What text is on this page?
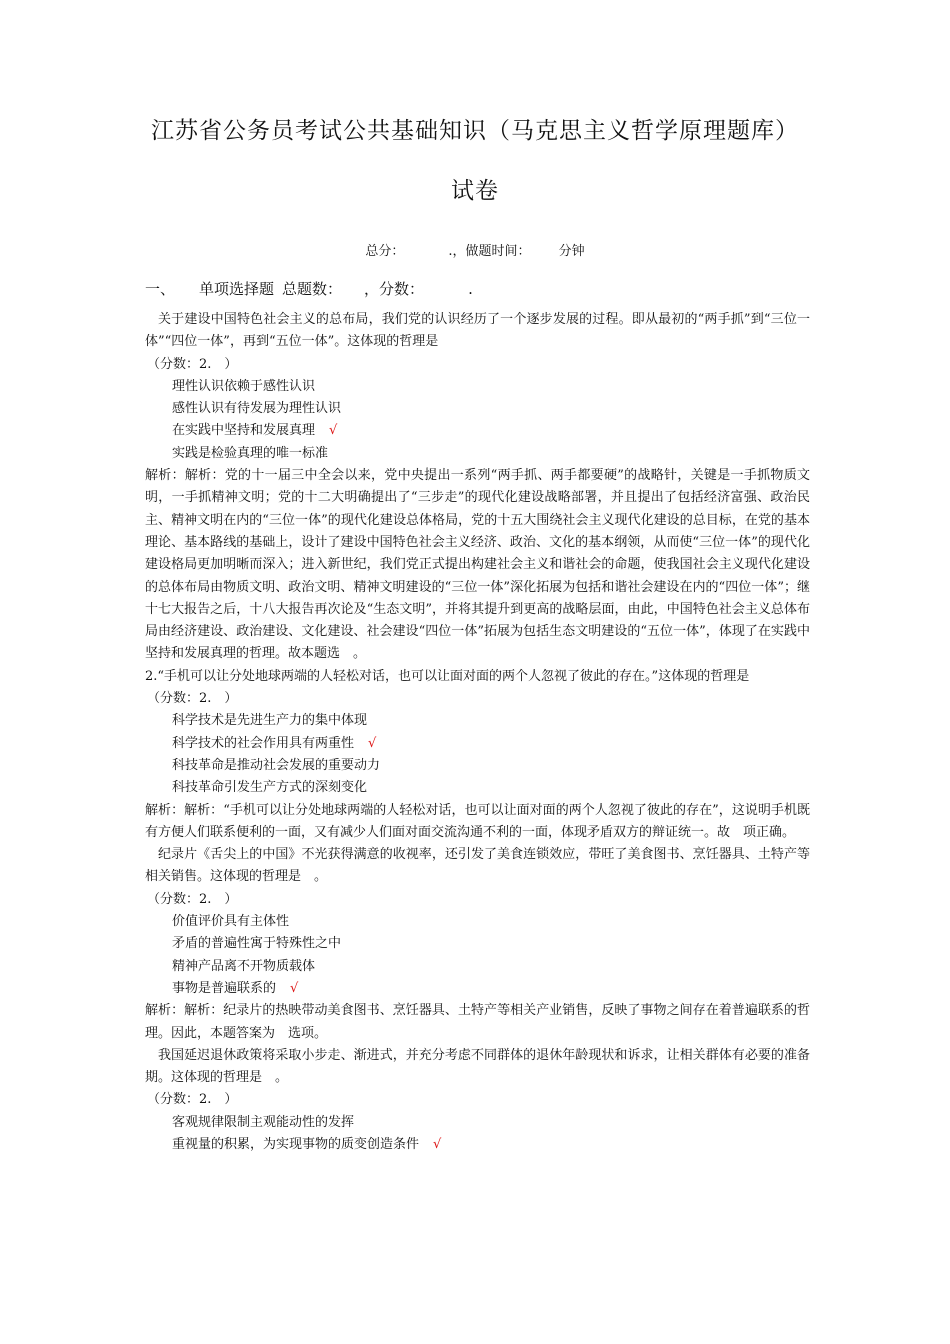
江苏省公务员考试公共基础知识（马克思主义哲学原理题库）
试卷
总分：	.，做题时间： 分钟
一、 单项选择题 总题数： ，分数：	.

关于建设中国特色社会主义的总布局，我们党的认识经历了一个逐步发展的过程。即从最初的“两手抓”到“三位一体”“四位一体”，再到“五位一体”。这体现的哲理是

（分数：2.　）

理性认识依赖于感性认识

感性认识有待发展为理性认识

在实践中坚持和发展真理 √

实践是检验真理的唯一标准

解析：解析：党的十一届三中全会以来，党中央提出一系列“两手抓、两手都要硬”的战略针，关键是一手抓物质文明，一手抓精神文明；党的十二大明确提出了“三步走”的现代化建设战略部署，并且提出了包括经济富强、政治民主、精神文明在内的“三位一体”的现代化建设总体格局，党的十五大围绕社会主义现代化建设的总目标，在党的基本理论、基本路线的基础上，设计了建设中国特色社会主义经济、政治、文化的基本纲领，从而使“三位一体”的现代化建设格局更加明晰而深入；进入新世纪，我们党正式提出构建社会主义和谐社会的命题，使我国社会主义现代化建设的总体布局由物质文明、政治文明、精神文明建设的“三位一体”深化拓展为包括和谐社会建设在内的“四位一体”；继十七大报告之后，十八大报告再次论及“生态文明”，并将其提升到更高的战略层面，由此，中国特色社会主义总体布局由经济建设、政治建设、文化建设、社会建设“四位一体”拓展为包括生态文明建设的“五位一体”，体现了在实践中坚持和发展真理的哲理。故本题选　。

2.“手机可以让分处地球两端的人轻松对话，也可以让面对面的两个人忽视了彼此的存在。”这体现的哲理是

（分数：2.　）

科学技术是先进生产力的集中体现

科学技术的社会作用具有两重性 √

科技革命是推动社会发展的重要动力

科技革命引发生产方式的深刻变化

解析：解析：“手机可以让分处地球两端的人轻松对话，也可以让面对面的两个人忽视了彼此的存在”，这说明手机既有方便人们联系便利的一面，又有减少人们面对面交流沟通不利的一面，体现矛盾双方的辩证统一。故　项正确。

纪录片《舌尖上的中国》不光获得满意的收视率，还引发了美食连锁效应，带旺了美食图书、烹饪器具、土特产等相关销售。这体现的哲理是　。

（分数：2.　）

价值评价具有主体性

矛盾的普遍性寓于特殊性之中

精神产品离不开物质载体

事物是普遍联系的 √

解析：解析：纪录片的热映带动美食图书、烹饪器具、土特产等相关产业销售，反映了事物之间存在着普遍联系的哲理。因此，本题答案为　选项。

我国延迟退休政策将采取小步走、渐进式，并充分考虑不同群体的退休年龄现状和诉求，让相关群体有必要的准备期。这体现的哲理是　。

（分数：2.　）

客观规律限制主观能动性的发挥

重视量的积累，为实现事物的质变创造条件 √
